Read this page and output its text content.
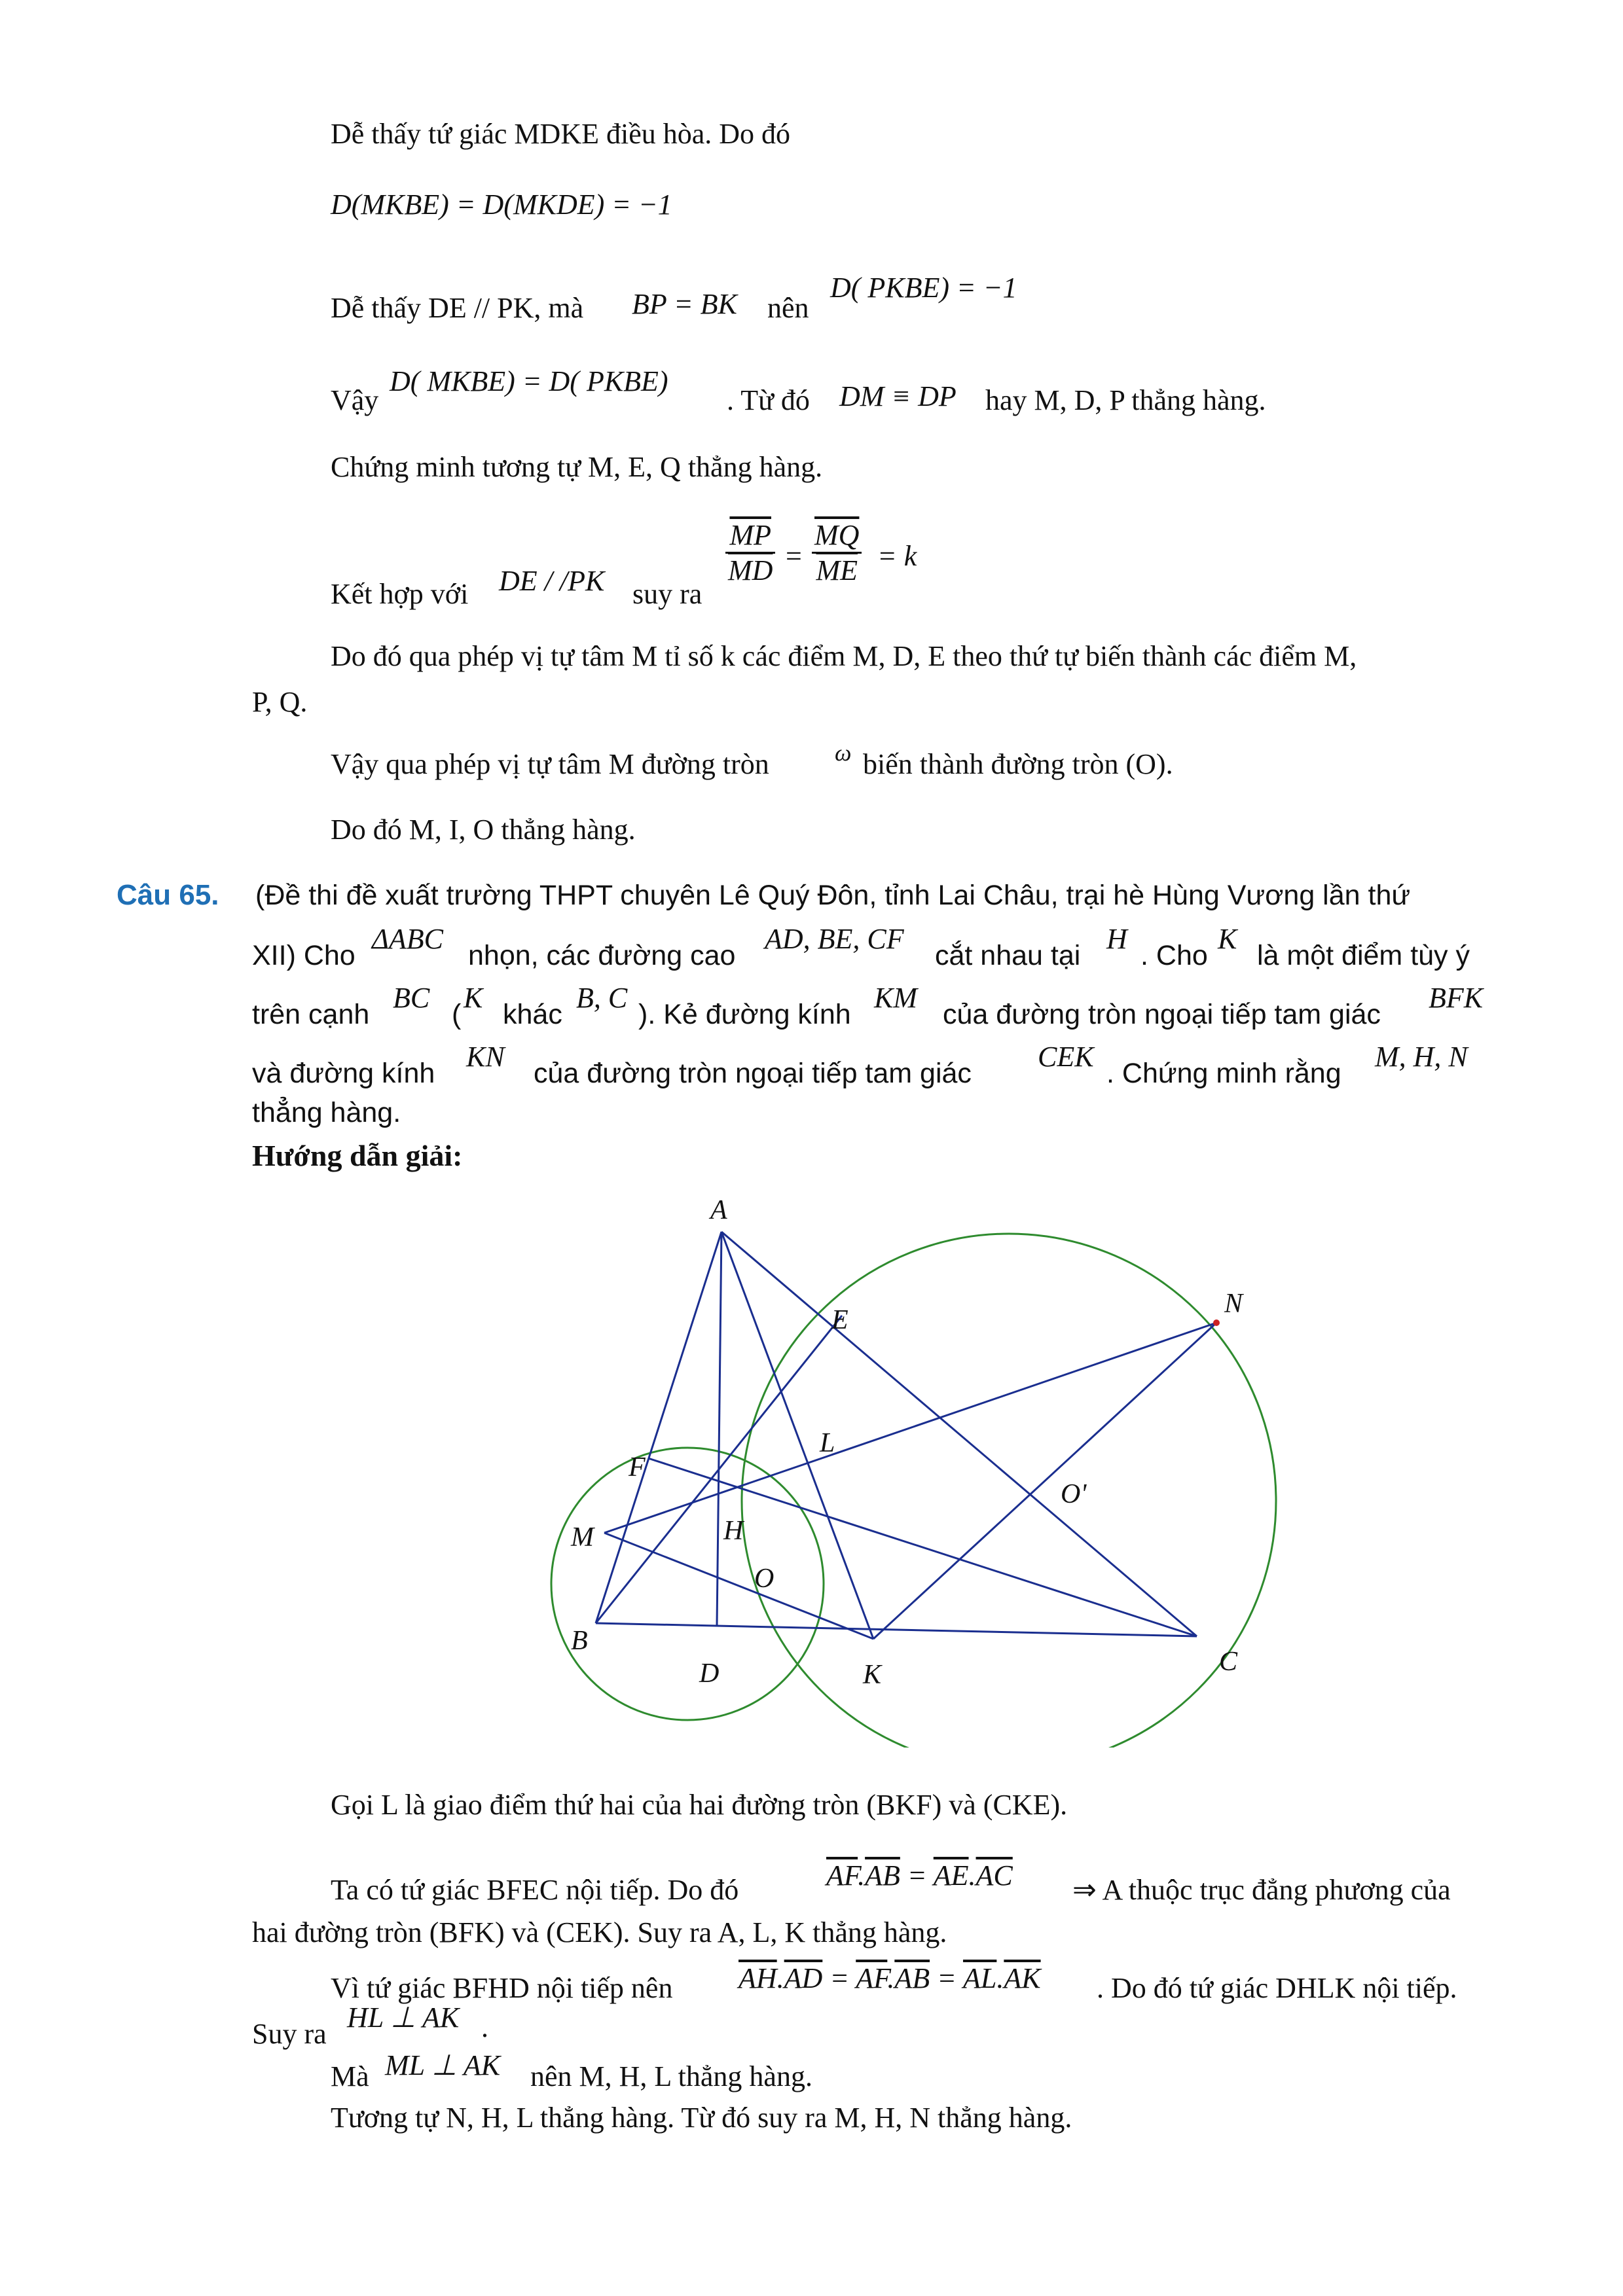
Dễ thấy tứ giác MDKE điều hòa. Do đó
D(MKBE) = D(MKDE) = −1
Dễ thấy DE // PK, mà BP = BK nên
D( PKBE) = −1
Vậy
D( MKBE) = D( PKBE)
. Từ đó DM ≡ DP hay M, D, P thẳng hàng.
Chứng minh tương tự M, E, Q thẳng hàng.
Kết hợp với DE / /PK suy ra
$\frac{\overline{MP}}{MD} = \frac{\overline{MQ}}{ME} = k$
Do đó qua phép vị tự tâm M tỉ số k các điểm M, D, E theo thứ tự biến thành các điểm M,
P, Q.
Vậy qua phép vị tự tâm M đường tròn	ω biến thành đường tròn (O).
Do đó M, I, O thẳng hàng.
Câu 65. (Đề thi đề xuất trường THPT chuyên Lê Quý Đôn, tỉnh Lai Châu, trại hè Hùng Vương lần thứ
XII) Cho
ΔABC
nhọn, các đường cao
AD, BE, CF
cắt nhau tại
H
. Cho
K
là một điểm tùy ý
trên cạnh
BC
(
K
khác
B, C
). Kẻ đường kính
KM
của đường tròn ngoại tiếp tam giác
BFK
và đường kính
KN
của đường tròn ngoại tiếp tam giác
CEK
. Chứng minh rằng
M, H, N
thẳng hàng.
Hướng dẫn giải:
A
E
N
L
F
O'
M	H
O
B
D	K	C
Gọi L là giao điểm thứ hai của hai đường tròn (BKF) và (CKE).
Ta có tứ giác BFEC nội tiếp. Do đó	$\overline{AF}.\overline{AB} = \overline{AE}.\overline{AC}$ ⇒ A thuộc trục đẳng phương của
hai đường tròn (BFK) và (CEK). Suy ra A, L, K thẳng hàng.
Vì tứ giác BFHD nội tiếp nên $\overline{AH}.\overline{AD} = \overline{AF}.\overline{AB} = \overline{AL}.\overline{AK}$ . Do đó tứ giác DHLK nội tiếp.
Suy ra
HL ⊥ AK .
Mà ML ⊥ AK nên M, H, L thẳng hàng.
Tương tự N, H, L thẳng hàng. Từ đó suy ra M, H, N thẳng hàng.
